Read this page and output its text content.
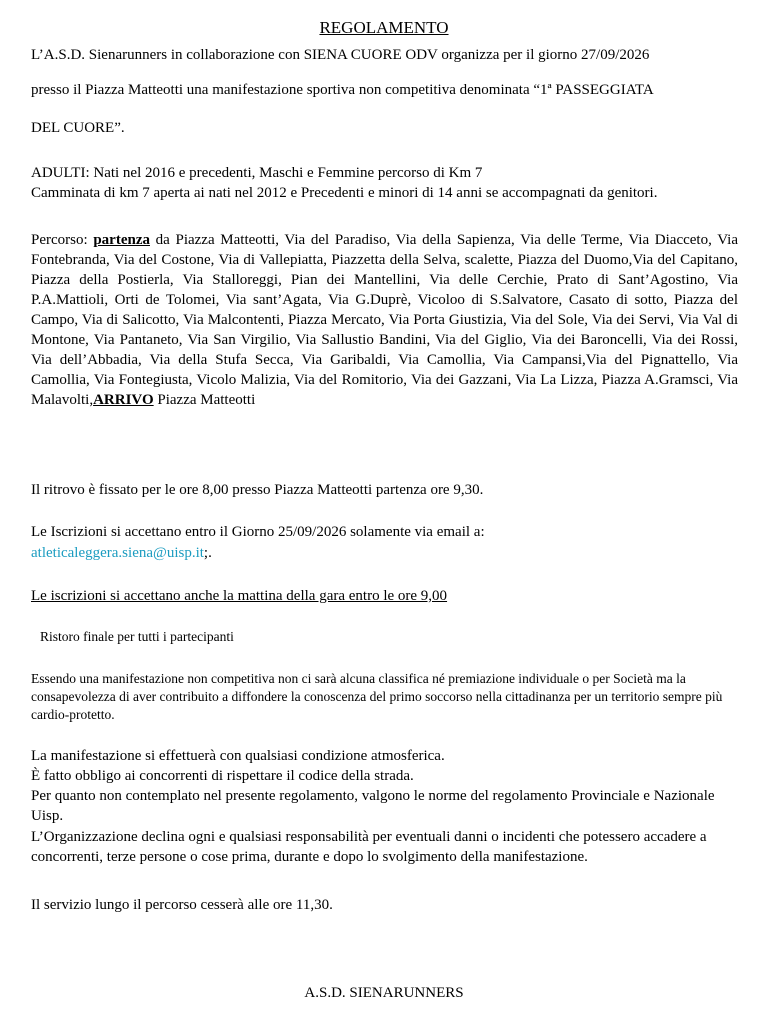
REGOLAMENTO

L’A.S.D. Sienarunners in collaborazione con SIENA CUORE ODV organizza per il giorno 27/09/2026

presso il Piazza Matteotti una manifestazione sportiva non competitiva denominata “1ª PASSEGGIATA

DEL CUORE”.

ADULTI: Nati nel 2016 e precedenti, Maschi e Femmine percorso di Km 7

Camminata di km 7 aperta ai nati nel 2012 e Precedenti e minori di 14 anni se accompagnati da genitori.

Percorso: partenza da Piazza Matteotti, Via del Paradiso, Via della Sapienza, Via delle Terme, Via Diacceto, Via Fontebranda, Via del Costone, Via di Vallepiatta, Piazzetta della Selva, scalette, Piazza del Duomo,Via del Capitano, Piazza della Postierla, Via Stalloreggi, Pian dei Mantellini, Via delle Cerchie, Prato di Sant’Agostino, Via P.A.Mattioli, Orti de Tolomei, Via sant’Agata, Via G.Duprè, Vicoloo di S.Salvatore, Casato di sotto, Piazza del Campo, Via di Salicotto, Via Malcontenti, Piazza Mercato, Via Porta Giustizia, Via del Sole, Via dei Servi, Via Val di Montone, Via Pantaneto, Via San Virgilio, Via Sallustio Bandini, Via del Giglio, Via dei Baroncelli, Via dei Rossi, Via dell’Abbadia, Via della Stufa Secca, Via Garibaldi, Via Camollia, Via Campansi,Via del Pignattello, Via Camollia, Via Fontegiusta, Vicolo Malizia, Via del Romitorio, Via dei Gazzani, Via La Lizza, Piazza A.Gramsci, Via Malavolti,ARRIVO Piazza Matteotti

Il ritrovo è fissato per le ore 8,00 presso Piazza Matteotti partenza ore 9,30.

Le Iscrizioni si accettano entro il Giorno 25/09/2026 solamente via email a:

atleticaleggera.siena@uisp.it;.

Le iscrizioni si accettano anche la mattina della gara entro le ore 9,00

Ristoro finale per tutti i partecipanti

Essendo una manifestazione non competitiva non ci sarà alcuna classifica né premiazione individuale o per Società ma la consapevolezza di aver contribuito a diffondere la conoscenza del primo soccorso nella cittadinanza per un territorio sempre più cardio-protetto.

La manifestazione si effettuerà con qualsiasi condizione atmosferica.

È fatto obbligo ai concorrenti di rispettare il codice della strada.

Per quanto non contemplato nel presente regolamento, valgono le norme del regolamento Provinciale e Nazionale Uisp.

L’Organizzazione declina ogni e qualsiasi responsabilità per eventuali danni o incidenti che potessero accadere a concorrenti, terze persone o cose prima, durante e dopo lo svolgimento della manifestazione.

Il servizio lungo il percorso cesserà alle ore 11,30.

A.S.D. SIENARUNNERS
